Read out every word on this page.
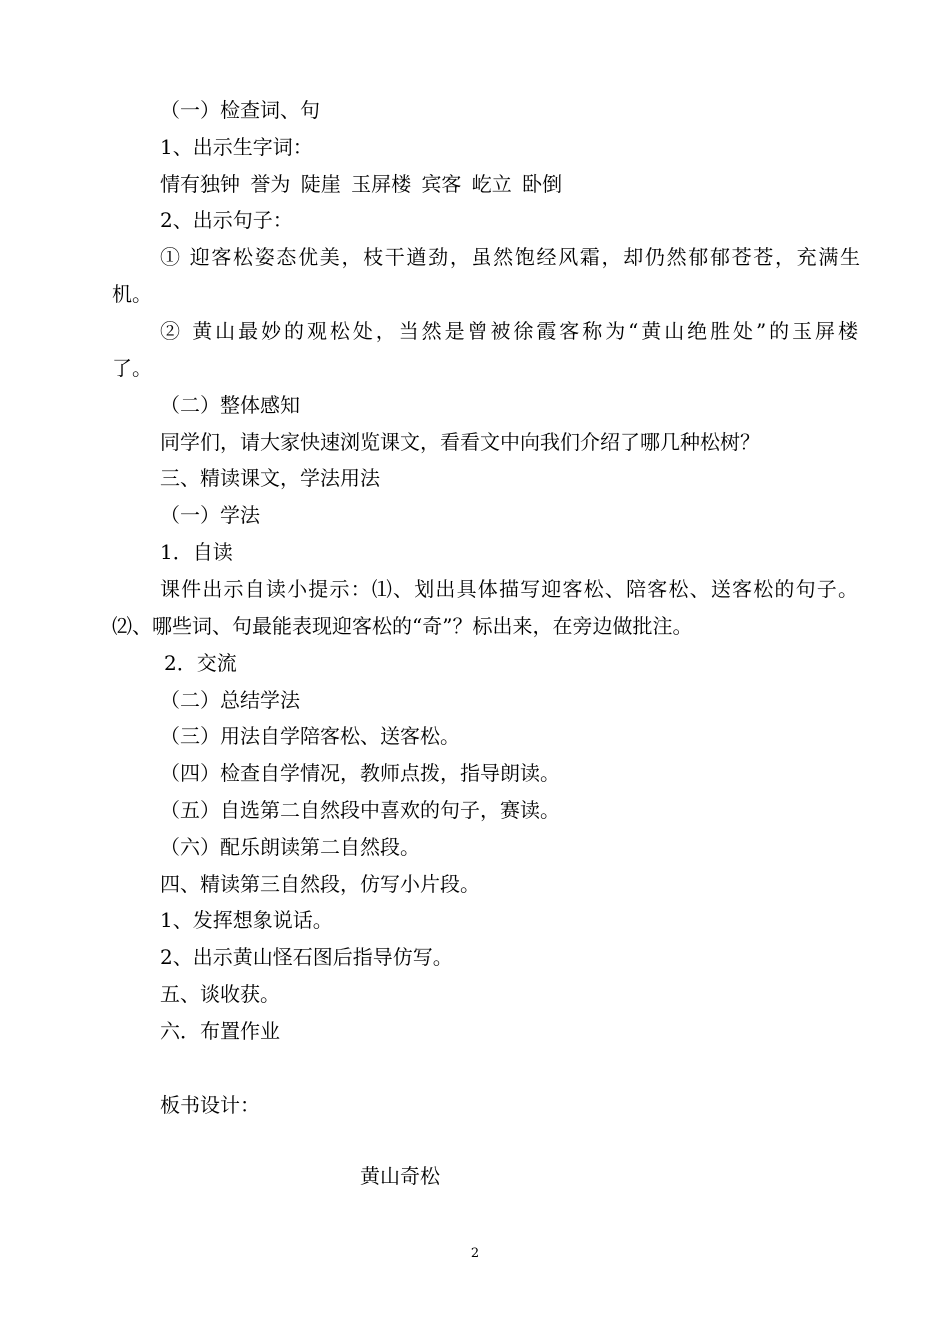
（一）检查词、句
1、出示生字词：
情有独钟 誉为 陡崖 玉屏楼 宾客 屹立 卧倒
2、出示句子：
① 迎客松姿态优美，枝干遒劲，虽然饱经风霜，却仍然郁郁苍苍，充满生
机。
② 黄山最妙的观松处，当然是曾被徐霞客称为“黄山绝胜处”的玉屏楼
了。
（二）整体感知
同学们，请大家快速浏览课文，看看文中向我们介绍了哪几种松树？
三、精读课文，学法用法
（一）学法
1．自读
课件出示自读小提示：⑴、划出具体描写迎客松、陪客松、送客松的句子。
⑵、哪些词、句最能表现迎客松的“奇”？标出来，在旁边做批注。
2．交流
（二）总结学法
（三）用法自学陪客松、送客松。
（四）检查自学情况，教师点拨，指导朗读。
（五）自选第二自然段中喜欢的句子，赛读。
（六）配乐朗读第二自然段。
四、精读第三自然段，仿写小片段。
1、发挥想象说话。
2、出示黄山怪石图后指导仿写。
五、谈收获。
六．布置作业
板书设计：
黄山奇松
2
